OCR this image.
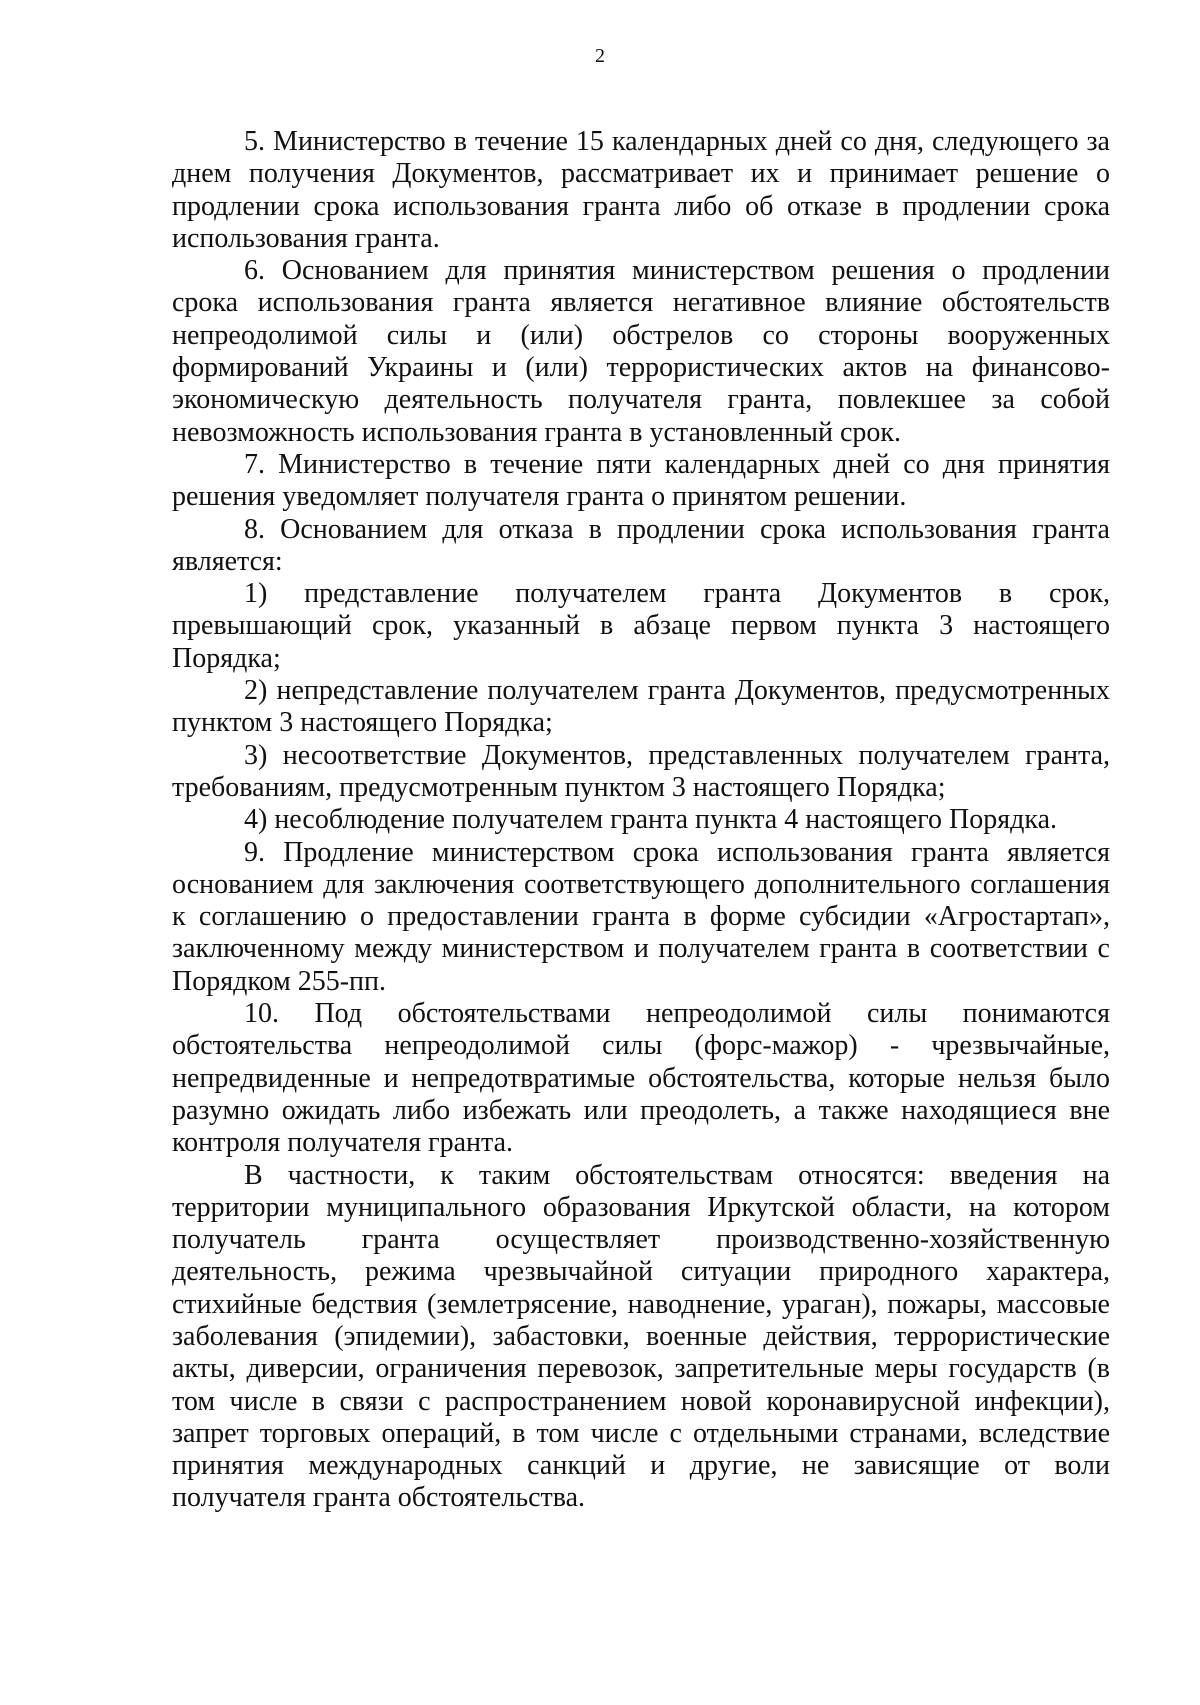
2

5. Министерство в течение 15 календарных дней со дня, следующего за днем получения Документов, рассматривает их и принимает решение о продлении срока использования гранта либо об отказе в продлении срока использования гранта.

6. Основанием для принятия министерством решения о продлении срока использования гранта является негативное влияние обстоятельств непреодолимой силы и (или) обстрелов со стороны вооруженных формирований Украины и (или) террористических актов на финансово-экономическую деятельность получателя гранта, повлекшее за собой невозможность использования гранта в установленный срок.

7. Министерство в течение пяти календарных дней со дня принятия решения уведомляет получателя гранта о принятом решении.

8. Основанием для отказа в продлении срока использования гранта является:

1) представление получателем гранта Документов в срок, превышающий срок, указанный в абзаце первом пункта 3 настоящего Порядка;

2) непредставление получателем гранта Документов, предусмотренных пунктом 3 настоящего Порядка;

3) несоответствие Документов, представленных получателем гранта, требованиям, предусмотренным пунктом 3 настоящего Порядка;

4) несоблюдение получателем гранта пункта 4 настоящего Порядка.

9. Продление министерством срока использования гранта является основанием для заключения соответствующего дополнительного соглашения к соглашению о предоставлении гранта в форме субсидии «Агростартап», заключенному между министерством и получателем гранта в соответствии с Порядком 255-пп.

10. Под обстоятельствами непреодолимой силы понимаются обстоятельства непреодолимой силы (форс-мажор) - чрезвычайные, непредвиденные и непредотвратимые обстоятельства, которые нельзя было разумно ожидать либо избежать или преодолеть, а также находящиеся вне контроля получателя гранта.

В частности, к таким обстоятельствам относятся: введения на территории муниципального образования Иркутской области, на котором получатель гранта осуществляет производственно-хозяйственную деятельность, режима чрезвычайной ситуации природного характера, стихийные бедствия (землетрясение, наводнение, ураган), пожары, массовые заболевания (эпидемии), забастовки, военные действия, террористические акты, диверсии, ограничения перевозок, запретительные меры государств (в том числе в связи с распространением новой коронавирусной инфекции), запрет торговых операций, в том числе с отдельными странами, вследствие принятия международных санкций и другие, не зависящие от воли получателя гранта обстоятельства.
